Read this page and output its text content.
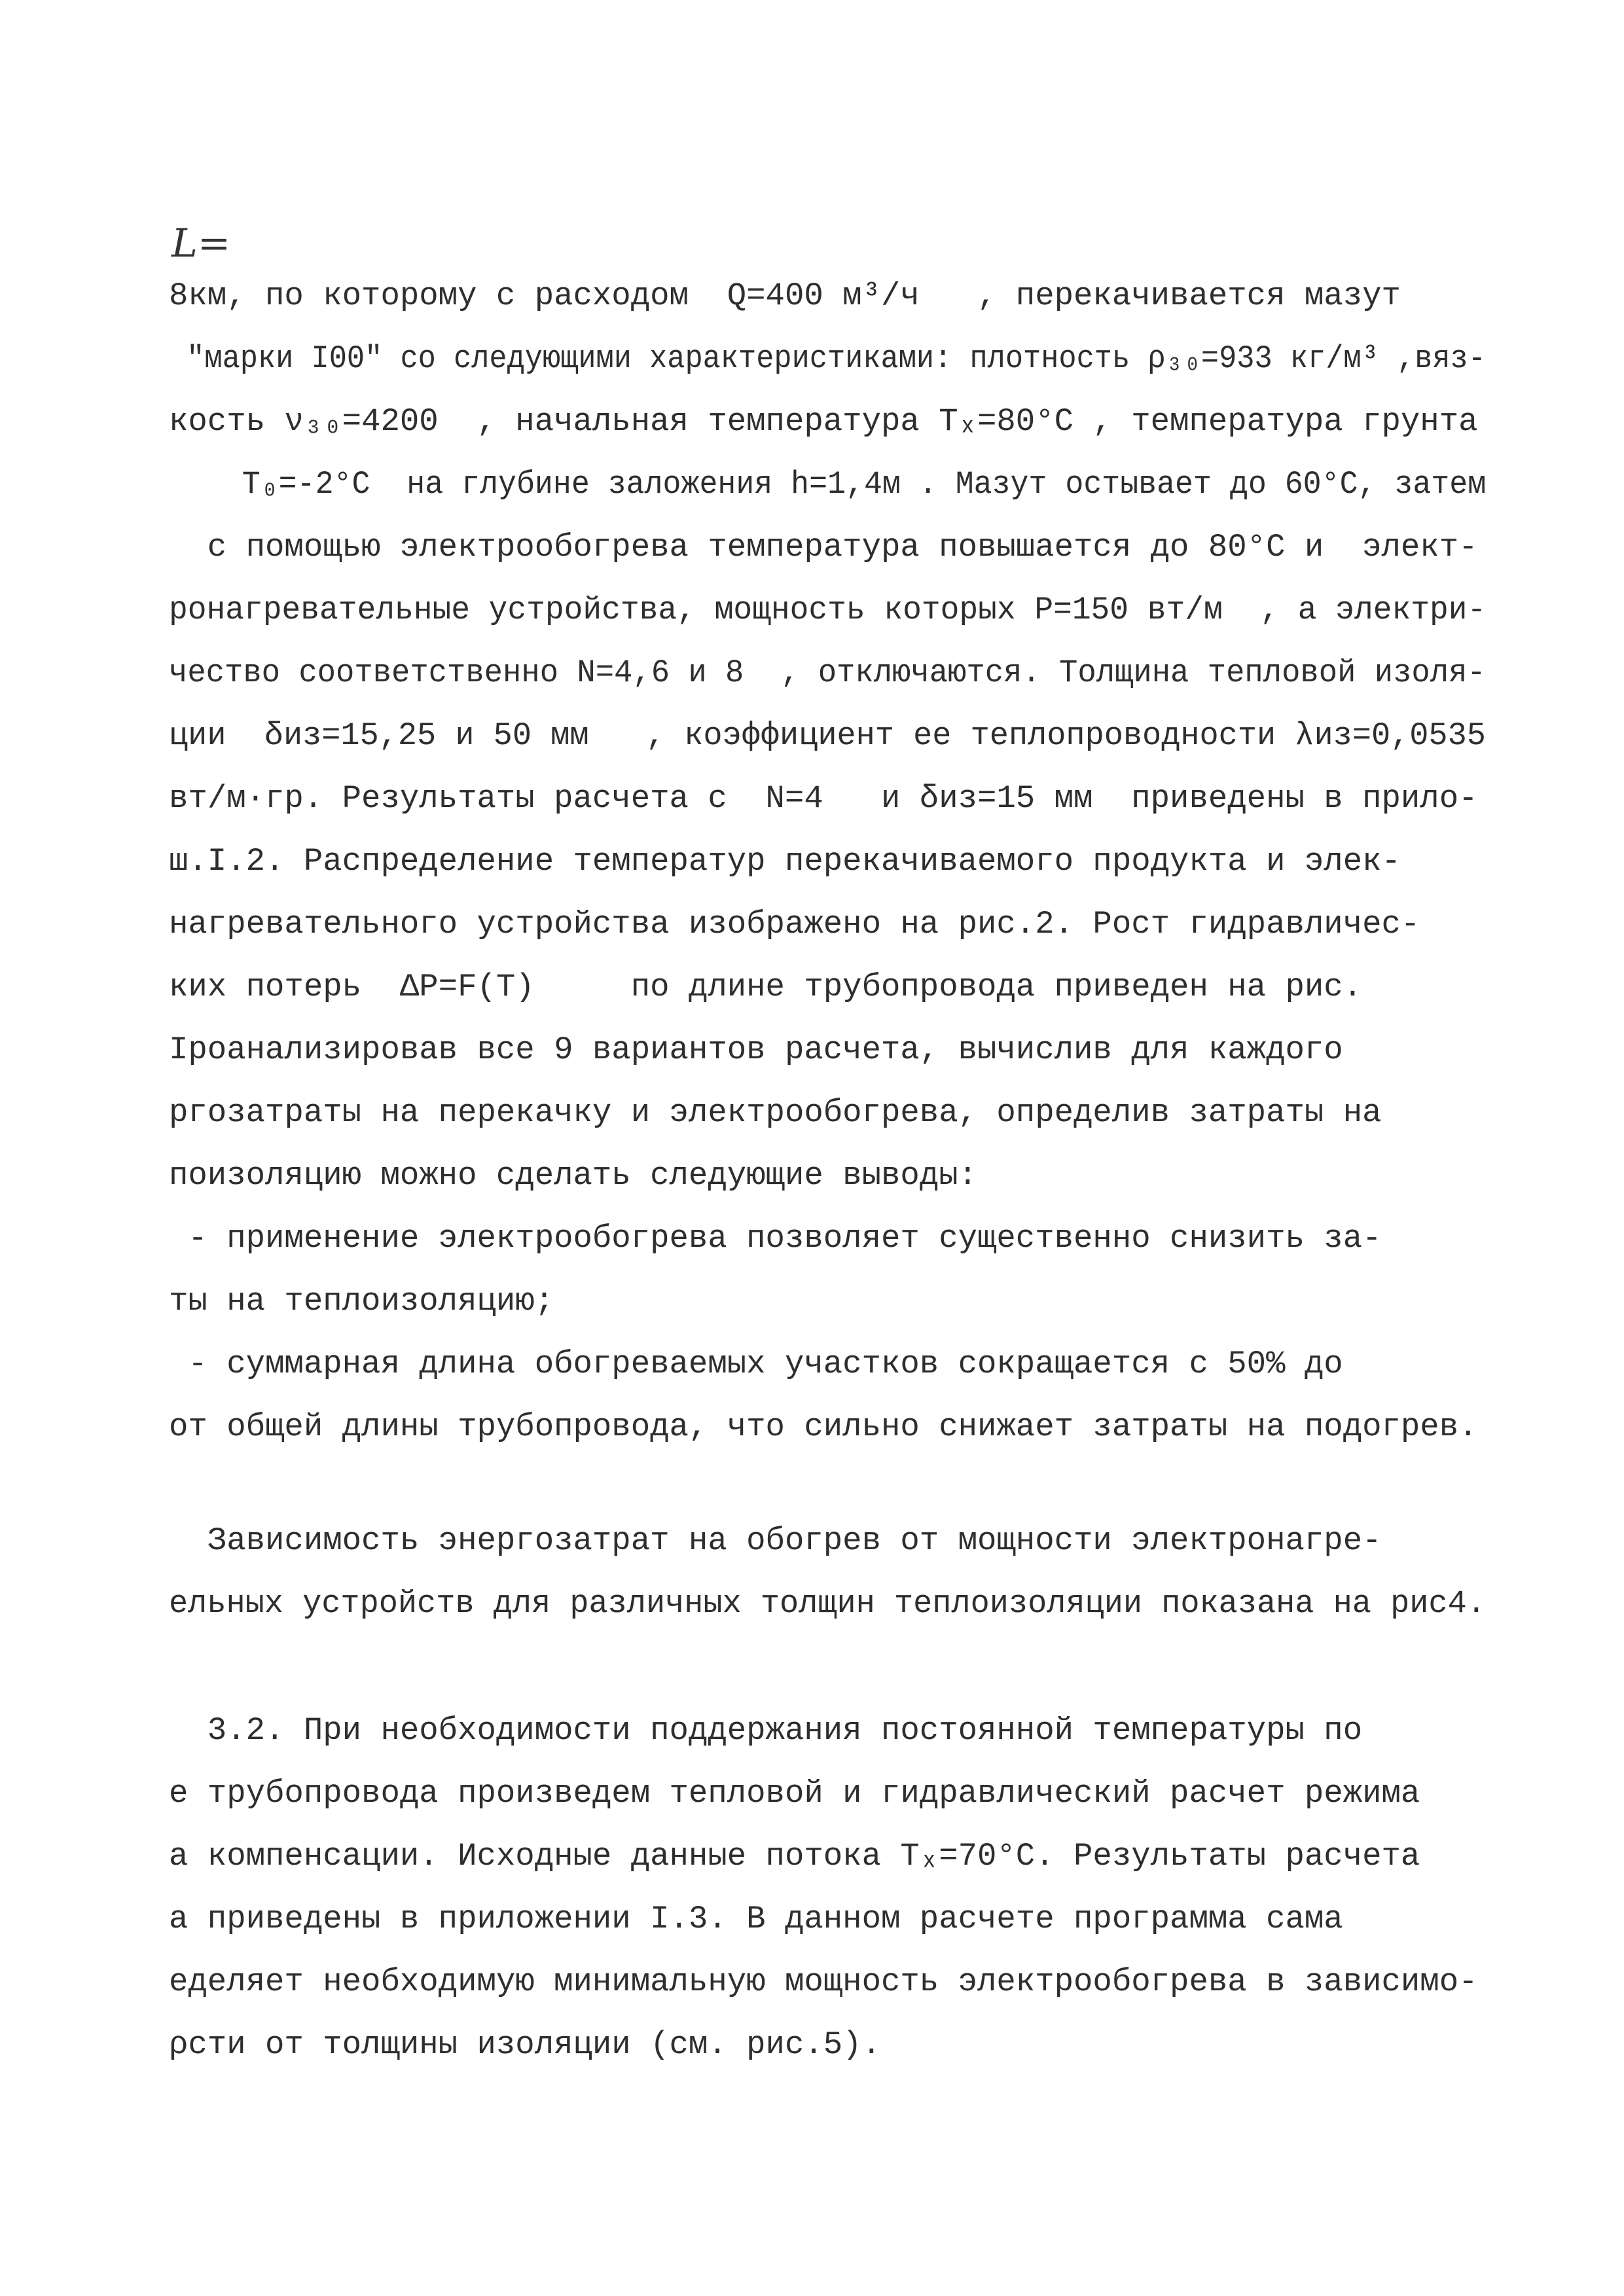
L=
8км, по которому с расходом  Q=400 м³/ч   , перекачивается мазут
"марки I00" со следующими характеристиками: плотность ρ₃₀=933 кг/м³ ,вяз-
кость ν₃₀=4200  , начальная температура Tₓ=80°C , температура грунта
T₀=-2°C  на глубине заложения h=1,4м . Мазут остывает до 60°C, затем
с помощью электрообогрева температура повышается до 80°C и  элект-
ронагревательные устройства, мощность которых P=150 вт/м  , а электри-
чество соответственно N=4,6 и 8  , отключаются. Толщина тепловой изоля-
ции  δиз=15,25 и 50 мм   , коэффициент ее теплопроводности λиз=0,0535
вт/м·гр. Результаты расчета с  N=4   и δиз=15 мм  приведены в прило-
ш.I.2. Распределение температур перекачиваемого продукта и элек-
нагревательного устройства изображено на рис.2. Рост гидравличес-
ких потерь  ΔP=F(T)     по длине трубопровода приведен на рис.
Iроанализировав все 9 вариантов расчета, вычислив для каждого
ргозатраты на перекачку и электрообогрева, определив затраты на
поизоляцию можно сделать следующие выводы:
- применение электрообогрева позволяет существенно снизить за-
ты на теплоизоляцию;
- суммарная длина обогреваемых участков сокращается с 50% до
от общей длины трубопровода, что сильно снижает затраты на подогрев.
Зависимость энергозатрат на обогрев от мощности электронагре-
ельных устройств для различных толщин теплоизоляции показана на рис4.
3.2. При необходимости поддержания постоянной температуры по
е трубопровода произведем тепловой и гидравлический расчет режима
а компенсации. Исходные данные потока Tₓ=70°C. Результаты расчета
а приведены в приложении I.3. В данном расчете программа сама
еделяет необходимую минимальную мощность электрообогрева в зависимо-
ρсти от толщины изоляции (см. рис.5).
